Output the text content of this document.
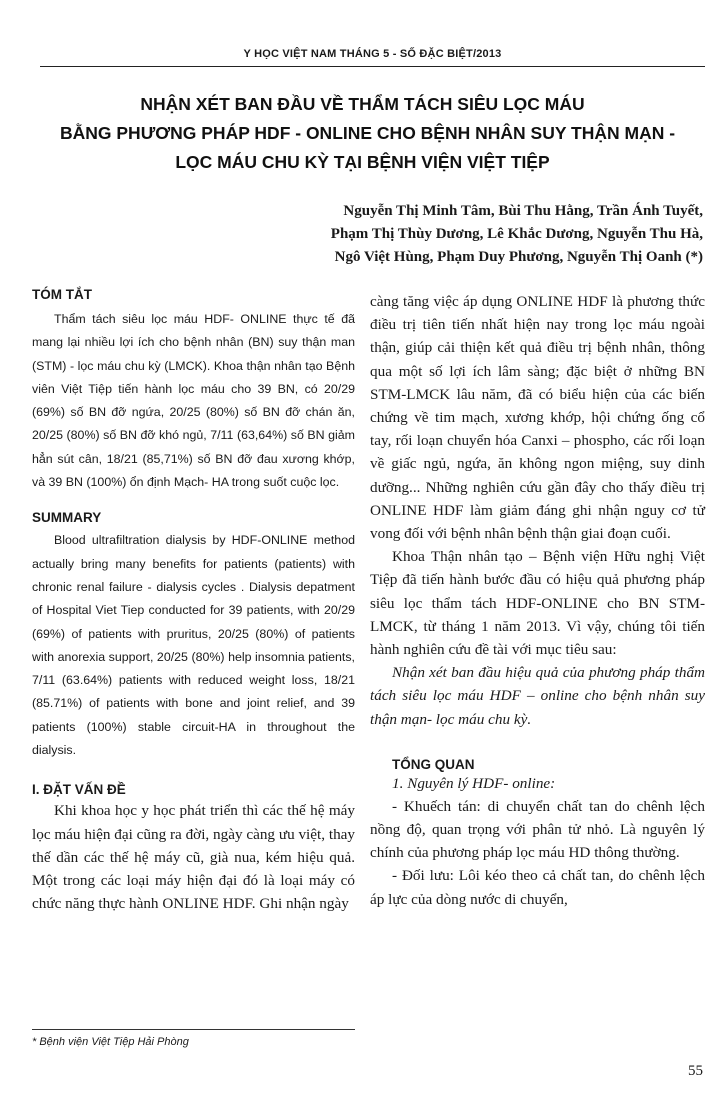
Y HỌC VIỆT NAM THÁNG 5 - SỐ ĐẶC BIỆT/2013
NHẬN XÉT BAN ĐẦU VỀ THẨM TÁCH SIÊU LỌC MÁU
BẰNG PHƯƠNG PHÁP HDF - ONLINE CHO BỆNH NHÂN SUY THẬN MẠN -
LỌC MÁU CHU KỲ TẠI BỆNH VIỆN VIỆT TIỆP
Nguyễn Thị Minh Tâm, Bùi Thu Hằng, Trần Ánh Tuyết,
Phạm Thị Thùy Dương, Lê Khắc Dương, Nguyễn Thu Hà,
Ngô Việt Hùng, Phạm Duy Phương, Nguyễn Thị Oanh (*)
TÓM TẮT

Thẩm tách siêu lọc máu HDF- ONLINE thực tế đã mang lại nhiều lợi ích cho bệnh nhân (BN) suy thận man (STM) - lọc máu chu kỳ (LMCK). Khoa thận nhân tạo Bệnh viên Việt Tiệp tiến hành lọc máu cho 39 BN, có 20/29 (69%) số BN đỡ ngứa, 20/25 (80%) số BN đỡ chán ăn, 20/25 (80%) số BN đỡ khó ngủ, 7/11 (63,64%) số BN giảm hẳn sút cân, 18/21 (85,71%) số BN đỡ đau xương khớp, và 39 BN (100%) ổn định Mạch- HA trong suốt cuộc lọc.

SUMMARY

Blood ultrafiltration dialysis by HDF-ONLINE method actually bring many benefits for patients (patients) with chronic renal failure - dialysis cycles . Dialysis depatment of Hospital Viet Tiep conducted for 39 patients, with 20/29 (69%) of patients with pruritus, 20/25 (80%) of patients with anorexia support, 20/25 (80%) help insomnia patients, 7/11 (63.64%) patients with reduced weight loss, 18/21 (85.71%) of patients with bone and joint relief, and 39 patients (100%) stable circuit-HA in throughout the dialysis.

I. ĐẶT VẤN ĐỀ

Khi khoa học y học phát triển thì các thế hệ máy lọc máu hiện đại cũng ra đời, ngày càng ưu việt, thay thế dần các thế hệ máy cũ, già nua, kém hiệu quả. Một trong các loại máy hiện đại đó là loại máy có chức năng thực hành ONLINE HDF. Ghi nhận ngày

càng tăng việc áp dụng ONLINE HDF là phương thức điều trị tiên tiến nhất hiện nay trong lọc máu ngoài thận, giúp cải thiện kết quả điều trị bệnh nhân, thông qua một số lợi ích lâm sàng; đặc biệt ở những BN STM-LMCK lâu năm, đã có biểu hiện của các biến chứng về tim mạch, xương khớp, hội chứng ống cổ tay, rối loạn chuyển hóa Canxi – phospho, các rối loạn về giấc ngủ, ngứa, ăn không ngon miệng, suy dinh dưỡng... Những nghiên cứu gần đây cho thấy điều trị ONLINE HDF làm giảm đáng ghi nhận nguy cơ tử vong đối với bệnh nhân bệnh thận giai đoạn cuối.

Khoa Thận nhân tạo – Bệnh viện Hữu nghị Việt Tiệp đã tiến hành bước đầu có hiệu quả phương pháp siêu lọc thẩm tách HDF-ONLINE cho BN STM- LMCK, từ tháng 1 năm 2013. Vì vậy, chúng tôi tiến hành nghiên cứu đề tài với mục tiêu sau:

Nhận xét ban đầu hiệu quả của phương pháp thẩm tách siêu lọc máu HDF – online cho bệnh nhân suy thận mạn- lọc máu chu kỳ.

TỔNG QUAN

1. Nguyên lý HDF- online:

- Khuếch tán: di chuyển chất tan do chênh lệch nồng độ, quan trọng với phân tử nhỏ. Là nguyên lý chính của phương pháp lọc máu HD thông thường.

- Đối lưu: Lôi kéo theo cả chất tan, do chênh lệch áp lực của dòng nước di chuyển,

* Bệnh viện Việt Tiệp Hải Phòng
55
